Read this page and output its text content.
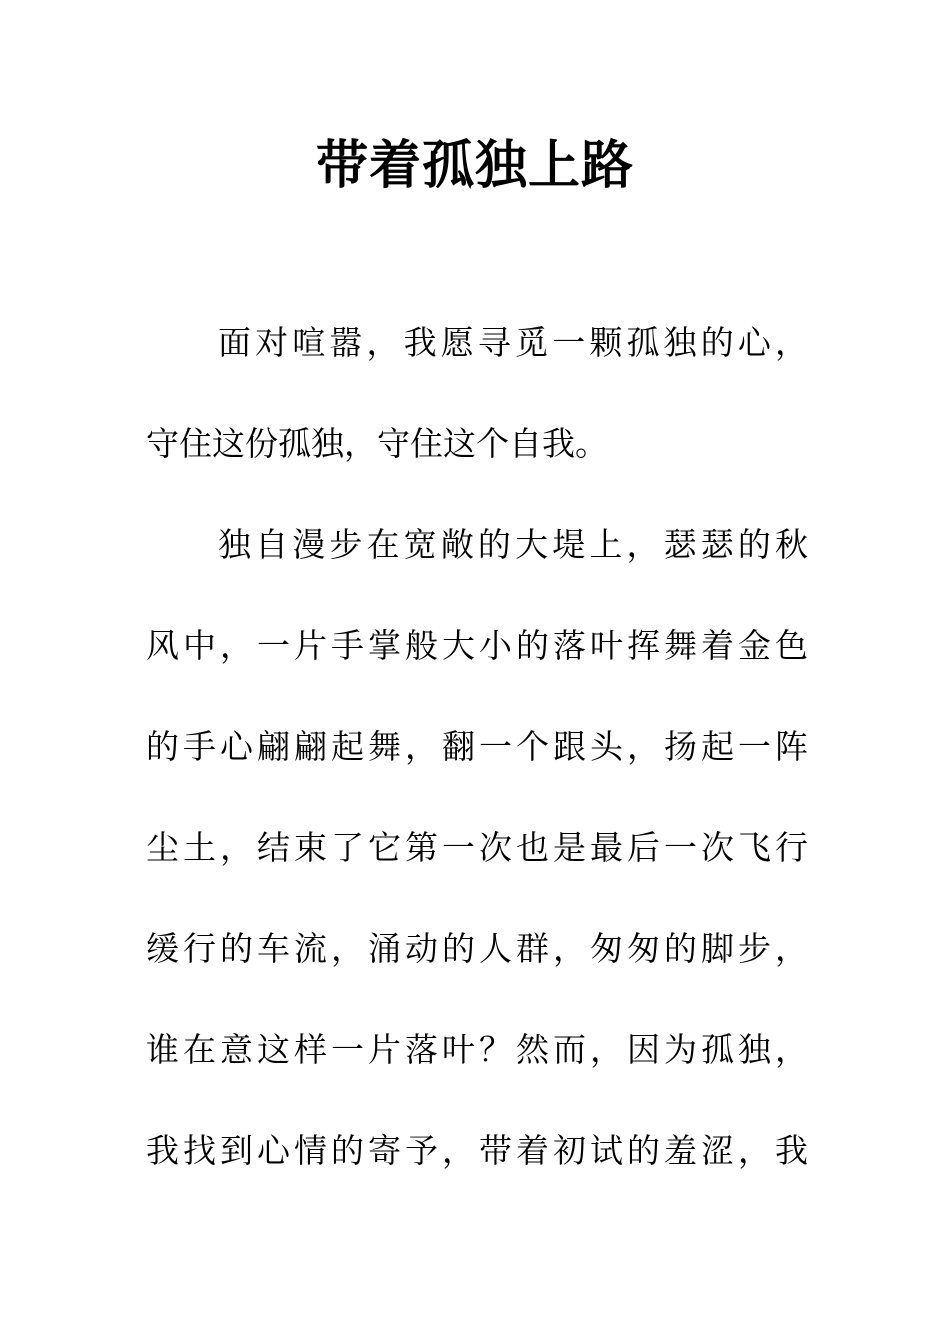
带着孤独上路
面对喧嚣，我愿寻觅一颗孤独的心，
守住这份孤独，守住这个自我。
独自漫步在宽敞的大堤上，瑟瑟的秋
风中，一片手掌般大小的落叶挥舞着金色
的手心翩翩起舞，翻一个跟头，扬起一阵
尘土，结束了它第一次也是最后一次飞行
缓行的车流，涌动的人群，匆匆的脚步，
谁在意这样一片落叶？然而，因为孤独，
我找到心情的寄予，带着初试的羞涩，我
